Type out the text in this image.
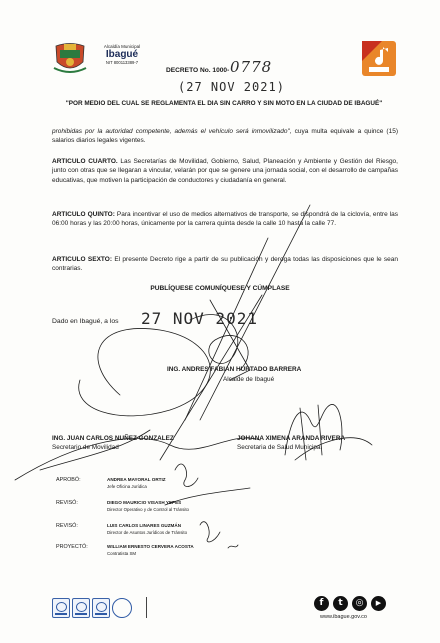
Alcaldía Municipal
Ibagué
NIT 800113389-7
DECRETO No. 1000- 0778
(27 NOV 2021)
"POR MEDIO DEL CUAL SE REGLAMENTA EL DIA SIN CARRO Y SIN MOTO EN LA CIUDAD DE IBAGUÉ"
prohibidas por la autoridad competente, además el vehículo será inmovilizado", cuya multa equivale a quince (15) salarios diarios legales vigentes.
ARTICULO CUARTO. Las Secretarías de Movilidad, Gobierno, Salud, Planeación y Ambiente y Gestión del Riesgo, junto con otras que se llegaran a vincular, velarán por que se genere una jornada social, con el desarrollo de campañas educativas, que motiven la participación de conductores y ciudadanía en general.
ARTICULO QUINTO: Para incentivar el uso de medios alternativos de transporte, se dispondrá de la ciclovía, entre las 06:00 horas y las 20:00 horas, únicamente por la carrera quinta desde la calle 10 hasta la calle 77.
ARTICULO SEXTO: El presente Decreto rige a partir de su publicación y deroga todas las disposiciones que le sean contrarias.
PUBLÍQUESE COMUNÍQUESE Y CÚMPLASE
Dado en Ibagué, a los 27 NOV 2021
ING. ANDRES FABIAN HURTADO BARRERA
Alcalde de Ibagué
ING. JUAN CARLOS NUÑEZ GONZALEZ
Secretario de Movilidad
JOHANA XIMENA ARANDA RIVERA
Secretaria de Salud Municipal
APROBÓ:	ANDREA MAYORAL ORTIZ
Jefe Oficina Jurídica
REVISÓ:	DIEGO MAURICIO VISASH YEPES
Director Operativo y de Control al Tránsito
REVISÓ:	LUIS CARLOS LINARES GUZMÁN
Director de Asuntos Jurídicos de Tránsito
PROYECTÓ:	WILLIAM ERNESTO CERVERA ACOSTA
Contratista SM
f	t	◎	▶
www.ibague.gov.co
